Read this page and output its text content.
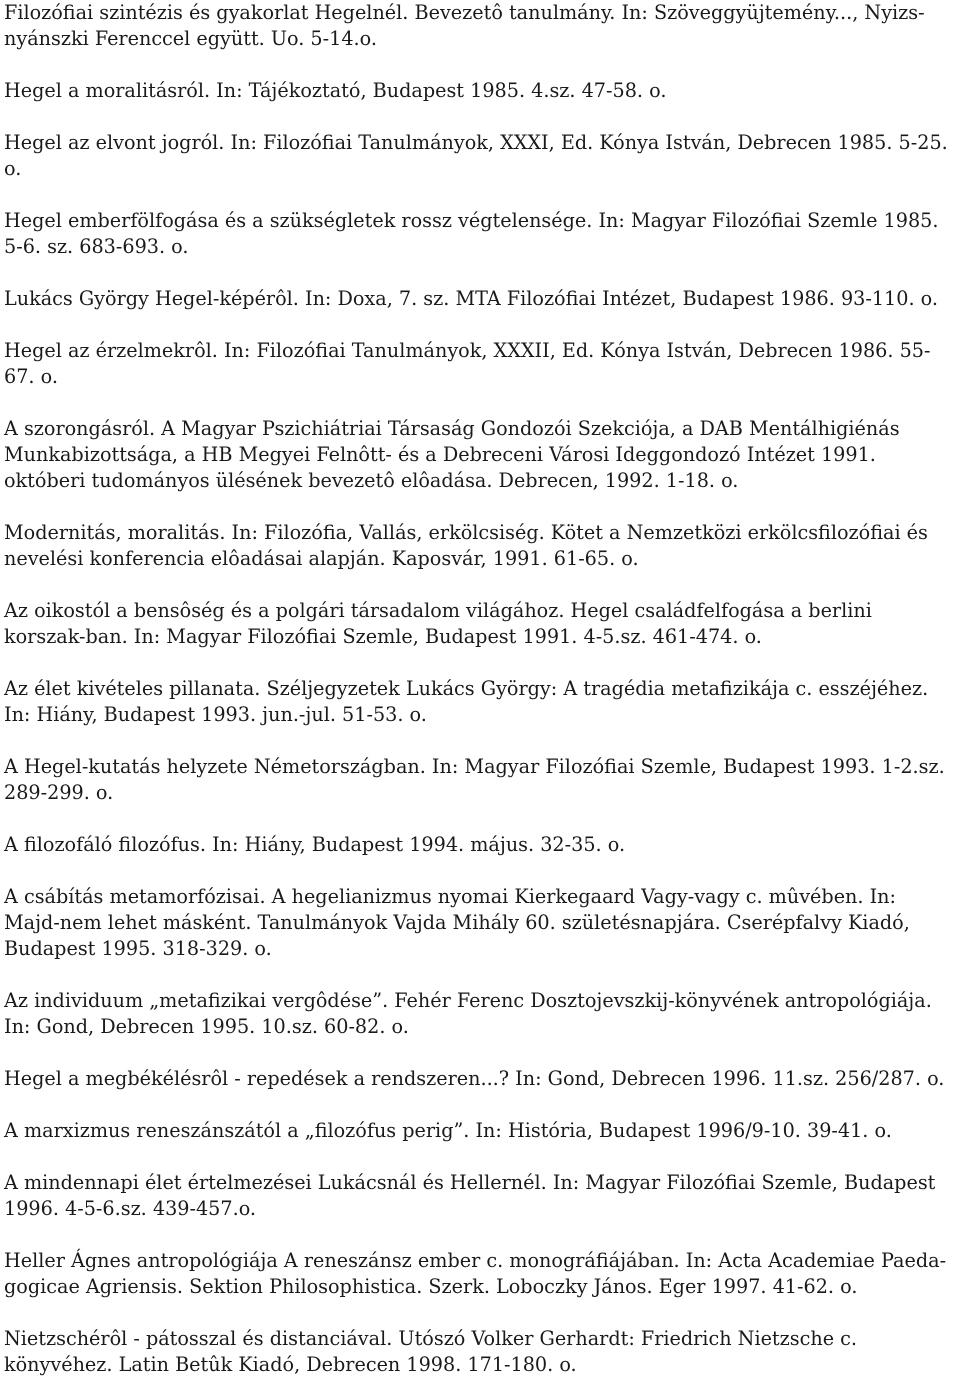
Filozófiai szintézis és gyakorlat Hegelnél. Bevezetô tanulmány. In: Szöveggyüjtemény..., Nyizs-nyánszki Ferenccel együtt. Uo. 5-14.o.
Hegel a moralitásról. In: Tájékoztató, Budapest 1985. 4.sz. 47-58. o.
Hegel az elvont jogról. In: Filozófiai Tanulmányok, XXXI, Ed. Kónya István, Debrecen 1985. 5-25. o.
Hegel emberfölfogása és a szükségletek rossz végtelensége. In: Magyar Filozófiai Szemle 1985. 5-6. sz. 683-693. o.
Lukács György Hegel-képérôl. In: Doxa, 7. sz. MTA Filozófiai Intézet, Budapest 1986. 93-110. o.
Hegel az érzelmekrôl. In: Filozófiai Tanulmányok, XXXII, Ed. Kónya István, Debrecen 1986. 55-67. o.
A szorongásról. A Magyar Pszichiátriai Társaság Gondozói Szekciója, a DAB Mentálhigiénás Munkabizottsága, a HB Megyei Felnôtt- és a Debreceni Városi Ideggondozó Intézet 1991. októberi tudományos ülésének bevezetô elôadása. Debrecen, 1992. 1-18. o.
Modernitás, moralitás. In: Filozófia, Vallás, erkölcsiség. Kötet a Nemzetközi erkölcsfilozófiai és nevelési konferencia elôadásai alapján. Kaposvár, 1991. 61-65. o.
Az oikostól a bensôség és a polgári társadalom világához. Hegel családfelfogása a berlini korszak-ban. In: Magyar Filozófiai Szemle, Budapest 1991. 4-5.sz. 461-474. o.
Az élet kivételes pillanata. Széljegyzetek Lukács György: A tragédia metafizikája c. esszéjéhez. In: Hiány, Budapest 1993. jun.-jul. 51-53. o.
A Hegel-kutatás helyzete Németországban. In: Magyar Filozófiai Szemle, Budapest 1993. 1-2.sz. 289-299. o.
A filozofáló filozófus. In: Hiány, Budapest 1994. május. 32-35. o.
A csábítás metamorfózisai. A hegelianizmus nyomai Kierkegaard Vagy-vagy c. mûvében. In: Majd-nem lehet másként. Tanulmányok Vajda Mihály 60. születésnapjára. Cserépfalvy Kiadó, Budapest 1995. 318-329. o.
Az individuum „metafizikai vergôdése”. Fehér Ferenc Dosztojevszkij-könyvének antropológiája. In: Gond, Debrecen 1995. 10.sz. 60-82. o.
Hegel a megbékélésrôl - repedések a rendszeren...? In: Gond, Debrecen 1996. 11.sz. 256/287. o.
A marxizmus reneszánszától a „filozófus perig”. In: História, Budapest 1996/9-10. 39-41. o.
A mindennapi élet értelmezései Lukácsnál és Hellernél. In: Magyar Filozófiai Szemle, Budapest 1996. 4-5-6.sz. 439-457.o.
Heller Ágnes antropológiája A reneszánsz ember c. monográfiájában. In: Acta Academiae Paeda-gogicae Agriensis. Sektion Philosophistica. Szerk. Loboczky János. Eger 1997. 41-62. o.
Nietzschérôl - pátosszal és distanciával. Utószó Volker Gerhardt: Friedrich Nietzsche c. könyvéhez. Latin Betûk Kiadó, Debrecen 1998. 171-180. o.
